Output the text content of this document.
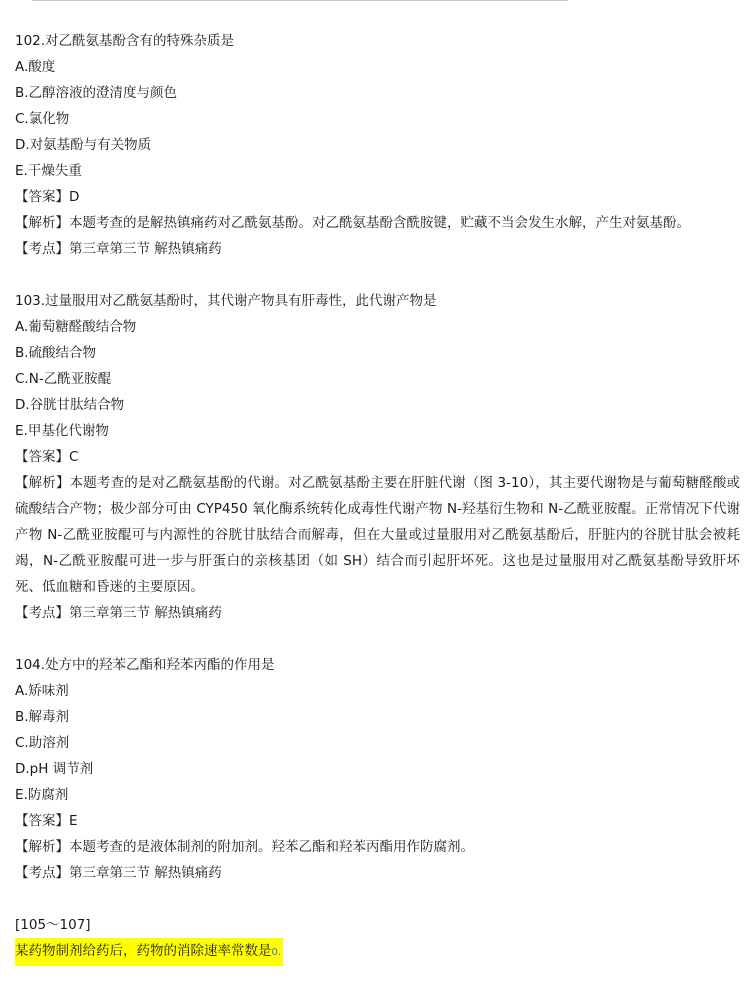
102.对乙酰氨基酚含有的特殊杂质是
A.酸度
B.乙醇溶液的澄清度与颜色
C.氯化物
D.对氨基酚与有关物质
E.干燥失重
【答案】D
【解析】本题考查的是解热镇痛药对乙酰氨基酚。对乙酰氨基酚含酰胺键，贮藏不当会发生水解，产生对氨基酚。
【考点】第三章第三节 解热镇痛药
103.过量服用对乙酰氨基酚时，其代谢产物具有肝毒性，此代谢产物是
A.葡萄糖醛酸结合物
B.硫酸结合物
C.N-乙酰亚胺醌
D.谷胱甘肽结合物
E.甲基化代谢物
【答案】C
【解析】本题考查的是对乙酰氨基酚的代谢。对乙酰氨基酚主要在肝脏代谢（图 3-10），其主要代谢物是与葡萄糖醛酸或硫酸结合产物；极少部分可由 CYP450 氧化酶系统转化成毒性代谢产物 N-羟基衍生物和 N-乙酰亚胺醌。正常情况下代谢产物 N-乙酰亚胺醌可与内源性的谷胱甘肽结合而解毒，但在大量或过量服用对乙酰氨基酚后，肝脏内的谷胱甘肽会被耗竭，N-乙酰亚胺醌可进一步与肝蛋白的亲核基团（如 SH）结合而引起肝坏死。这也是过量服用对乙酰氨基酚导致肝坏死、低血糖和昏迷的主要原因。
【考点】第三章第三节 解热镇痛药
104.处方中的羟苯乙酯和羟苯丙酯的作用是
A.矫味剂
B.解毒剂
C.助溶剂
D.pH 调节剂
E.防腐剂
【答案】E
【解析】本题考查的是液体制剂的附加剂。羟苯乙酯和羟苯丙酯用作防腐剂。
【考点】第三章第三节 解热镇痛药
[105～107]
某药物制剂给药后，药物的消除速率常数是0.
